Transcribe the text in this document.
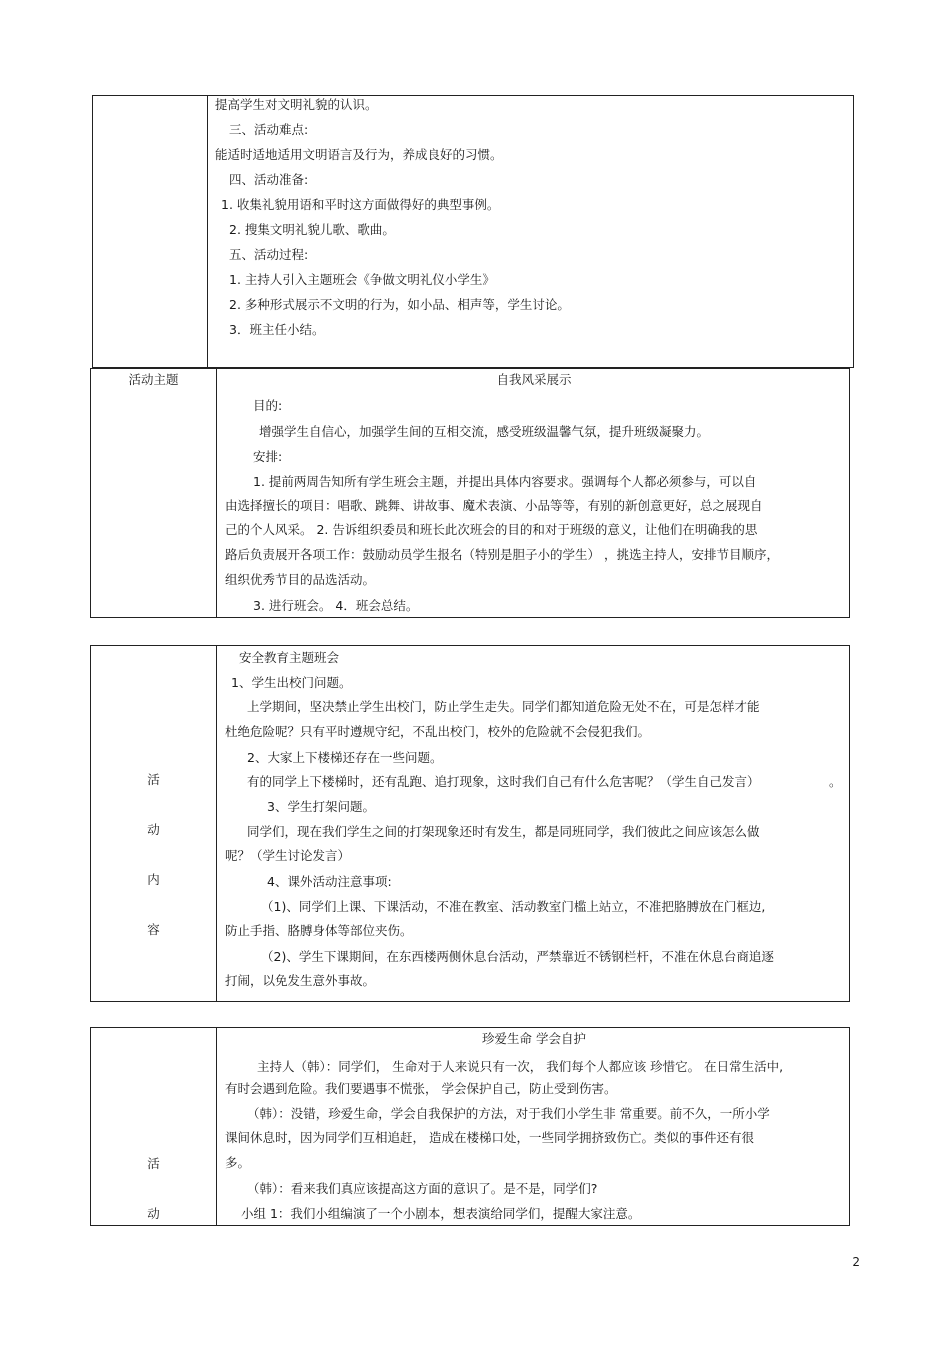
提高学生对文明礼貌的认识。
三、活动难点:
能适时适地适用文明语言及行为，养成良好的习惯。
四、活动准备:
1. 收集礼貌用语和平时这方面做得好的典型事例。
2. 搜集文明礼貌儿歌、歌曲。
五、活动过程:
1. 主持人引入主题班会《争做文明礼仪小学生》
2. 多种形式展示不文明的行为，如小品、相声等，学生讨论。
3．班主任小结。
活动主题	自我风采展示
目的:
增强学生自信心，加强学生间的互相交流，感受班级温馨气氛，提升班级凝聚力。
安排:
1. 提前两周告知所有学生班会主题，并提出具体内容要求。强调每个人都必须参与，可以自
由选择擅长的项目：唱歌、跳舞、讲故事、魔术表演、小品等等，有别的新创意更好，总之展现自
己的个人风采。 2. 告诉组织委员和班长此次班会的目的和对于班级的意义，让他们在明确我的思
路后负责展开各项工作：鼓励动员学生报名（特别是胆子小的学生） ，挑选主持人，安排节目顺序，
组织优秀节目的品选活动。
3. 进行班会。 4．班会总结。
活
动
内
容
安全教育主题班会
1、学生出校门问题。
上学期间，坚决禁止学生出校门，防止学生走失。同学们都知道危险无处不在，可是怎样才能
杜绝危险呢？只有平时遵规守纪，不乱出校门，校外的危险就不会侵犯我们。
2、大家上下楼梯还存在一些问题。
有的同学上下楼梯时，还有乱跑、追打现象，这时我们自己有什么危害呢？（学生自己发言）	。
3、学生打架问题。
同学们，现在我们学生之间的打架现象还时有发生，都是同班同学，我们彼此之间应该怎么做
呢？（学生讨论发言）
4、课外活动注意事项:
（1)、同学们上课、下课活动，不准在教室、活动教室门槛上站立，不准把胳膊放在门框边,
防止手指、胳膊身体等部位夹伤。
（2)、学生下课期间，在东西楼两侧休息台活动，严禁靠近不锈钢栏杆，不准在休息台商追逐
打闹，以免发生意外事故。
活
动
珍爱生命 学会自护
主持人（韩）：同学们， 生命对于人来说只有一次， 我们每个人都应该 珍惜它。 在日常生活中,
有时会遇到危险。我们要遇事不慌张， 学会保护自己，防止受到伤害。
（韩）：没错，珍爱生命，学会自我保护的方法，对于我们小学生非 常重要。前不久，一所小学
课间休息时，因为同学们互相追赶， 造成在楼梯口处，一些同学拥挤致伤亡。类似的事件还有很
多。
（韩）：看来我们真应该提高这方面的意识了。是不是，同学们?
小组 1：我们小组编演了一个小剧本，想表演给同学们，提醒大家注意。
2
